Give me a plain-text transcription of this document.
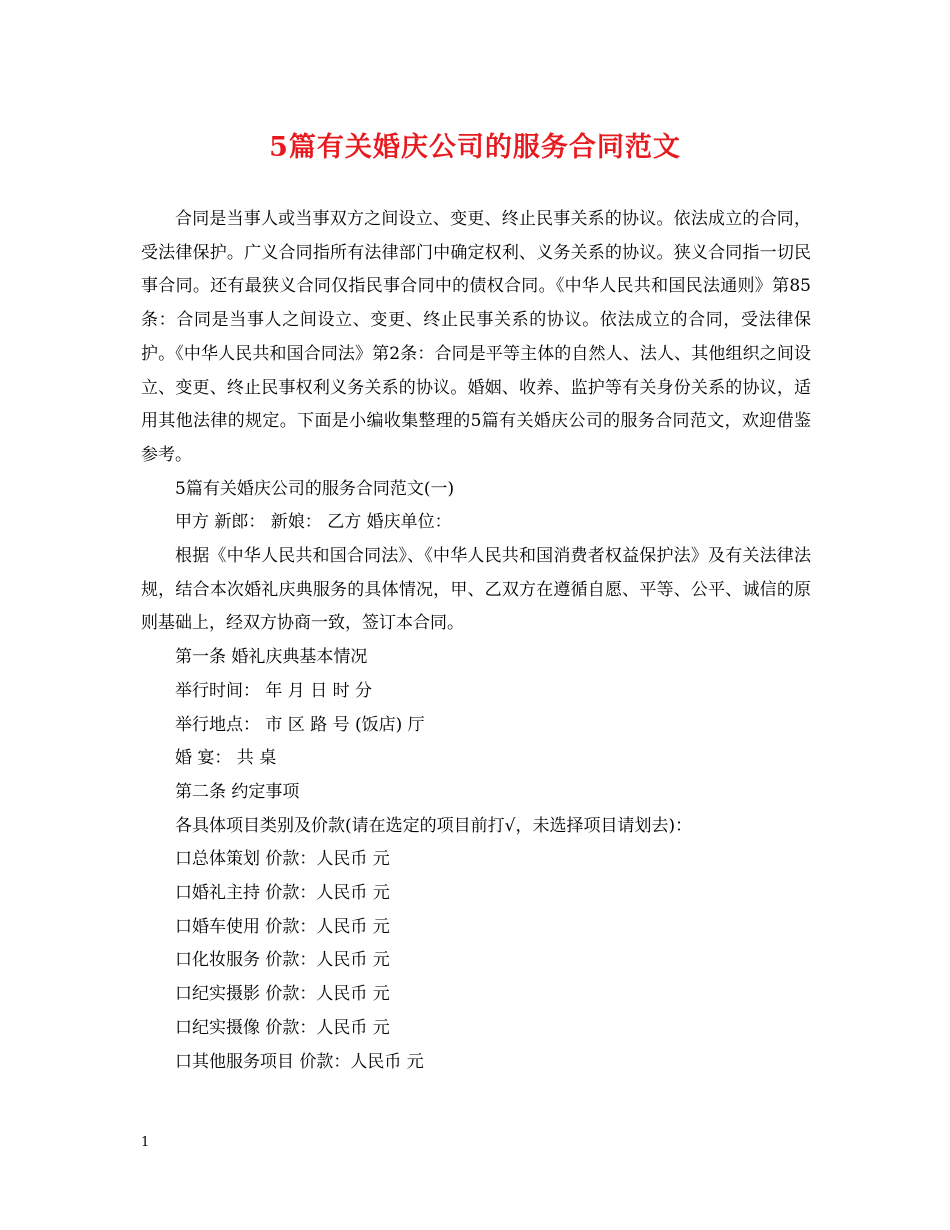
5篇有关婚庆公司的服务合同范文

合同是当事人或当事双方之间设立、变更、终止民事关系的协议。依法成立的合同，受法律保护。广义合同指所有法律部门中确定权利、义务关系的协议。狭义合同指一切民事合同。还有最狭义合同仅指民事合同中的债权合同。《中华人民共和国民法通则》第85条：合同是当事人之间设立、变更、终止民事关系的协议。依法成立的合同，受法律保护。《中华人民共和国合同法》第2条：合同是平等主体的自然人、法人、其他组织之间设立、变更、终止民事权利义务关系的协议。婚姻、收养、监护等有关身份关系的协议，适用其他法律的规定。下面是小编收集整理的5篇有关婚庆公司的服务合同范文，欢迎借鉴参考。

5篇有关婚庆公司的服务合同范文(一)

甲方 新郎： 新娘： 乙方 婚庆单位：

根据《中华人民共和国合同法》、《中华人民共和国消费者权益保护法》及有关法律法规，结合本次婚礼庆典服务的具体情况，甲、乙双方在遵循自愿、平等、公平、诚信的原则基础上，经双方协商一致，签订本合同。

第一条 婚礼庆典基本情况

举行时间： 年 月 日 时 分

举行地点： 市 区 路 号 (饭店) 厅

婚 宴： 共 桌

第二条 约定事项

各具体项目类别及价款(请在选定的项目前打√，未选择项目请划去)：

口总体策划 价款：人民币 元

口婚礼主持 价款：人民币 元

口婚车使用 价款：人民币 元

口化妆服务 价款：人民币 元

口纪实摄影 价款：人民币 元

口纪实摄像 价款：人民币 元

口其他服务项目 价款：人民币 元

1
